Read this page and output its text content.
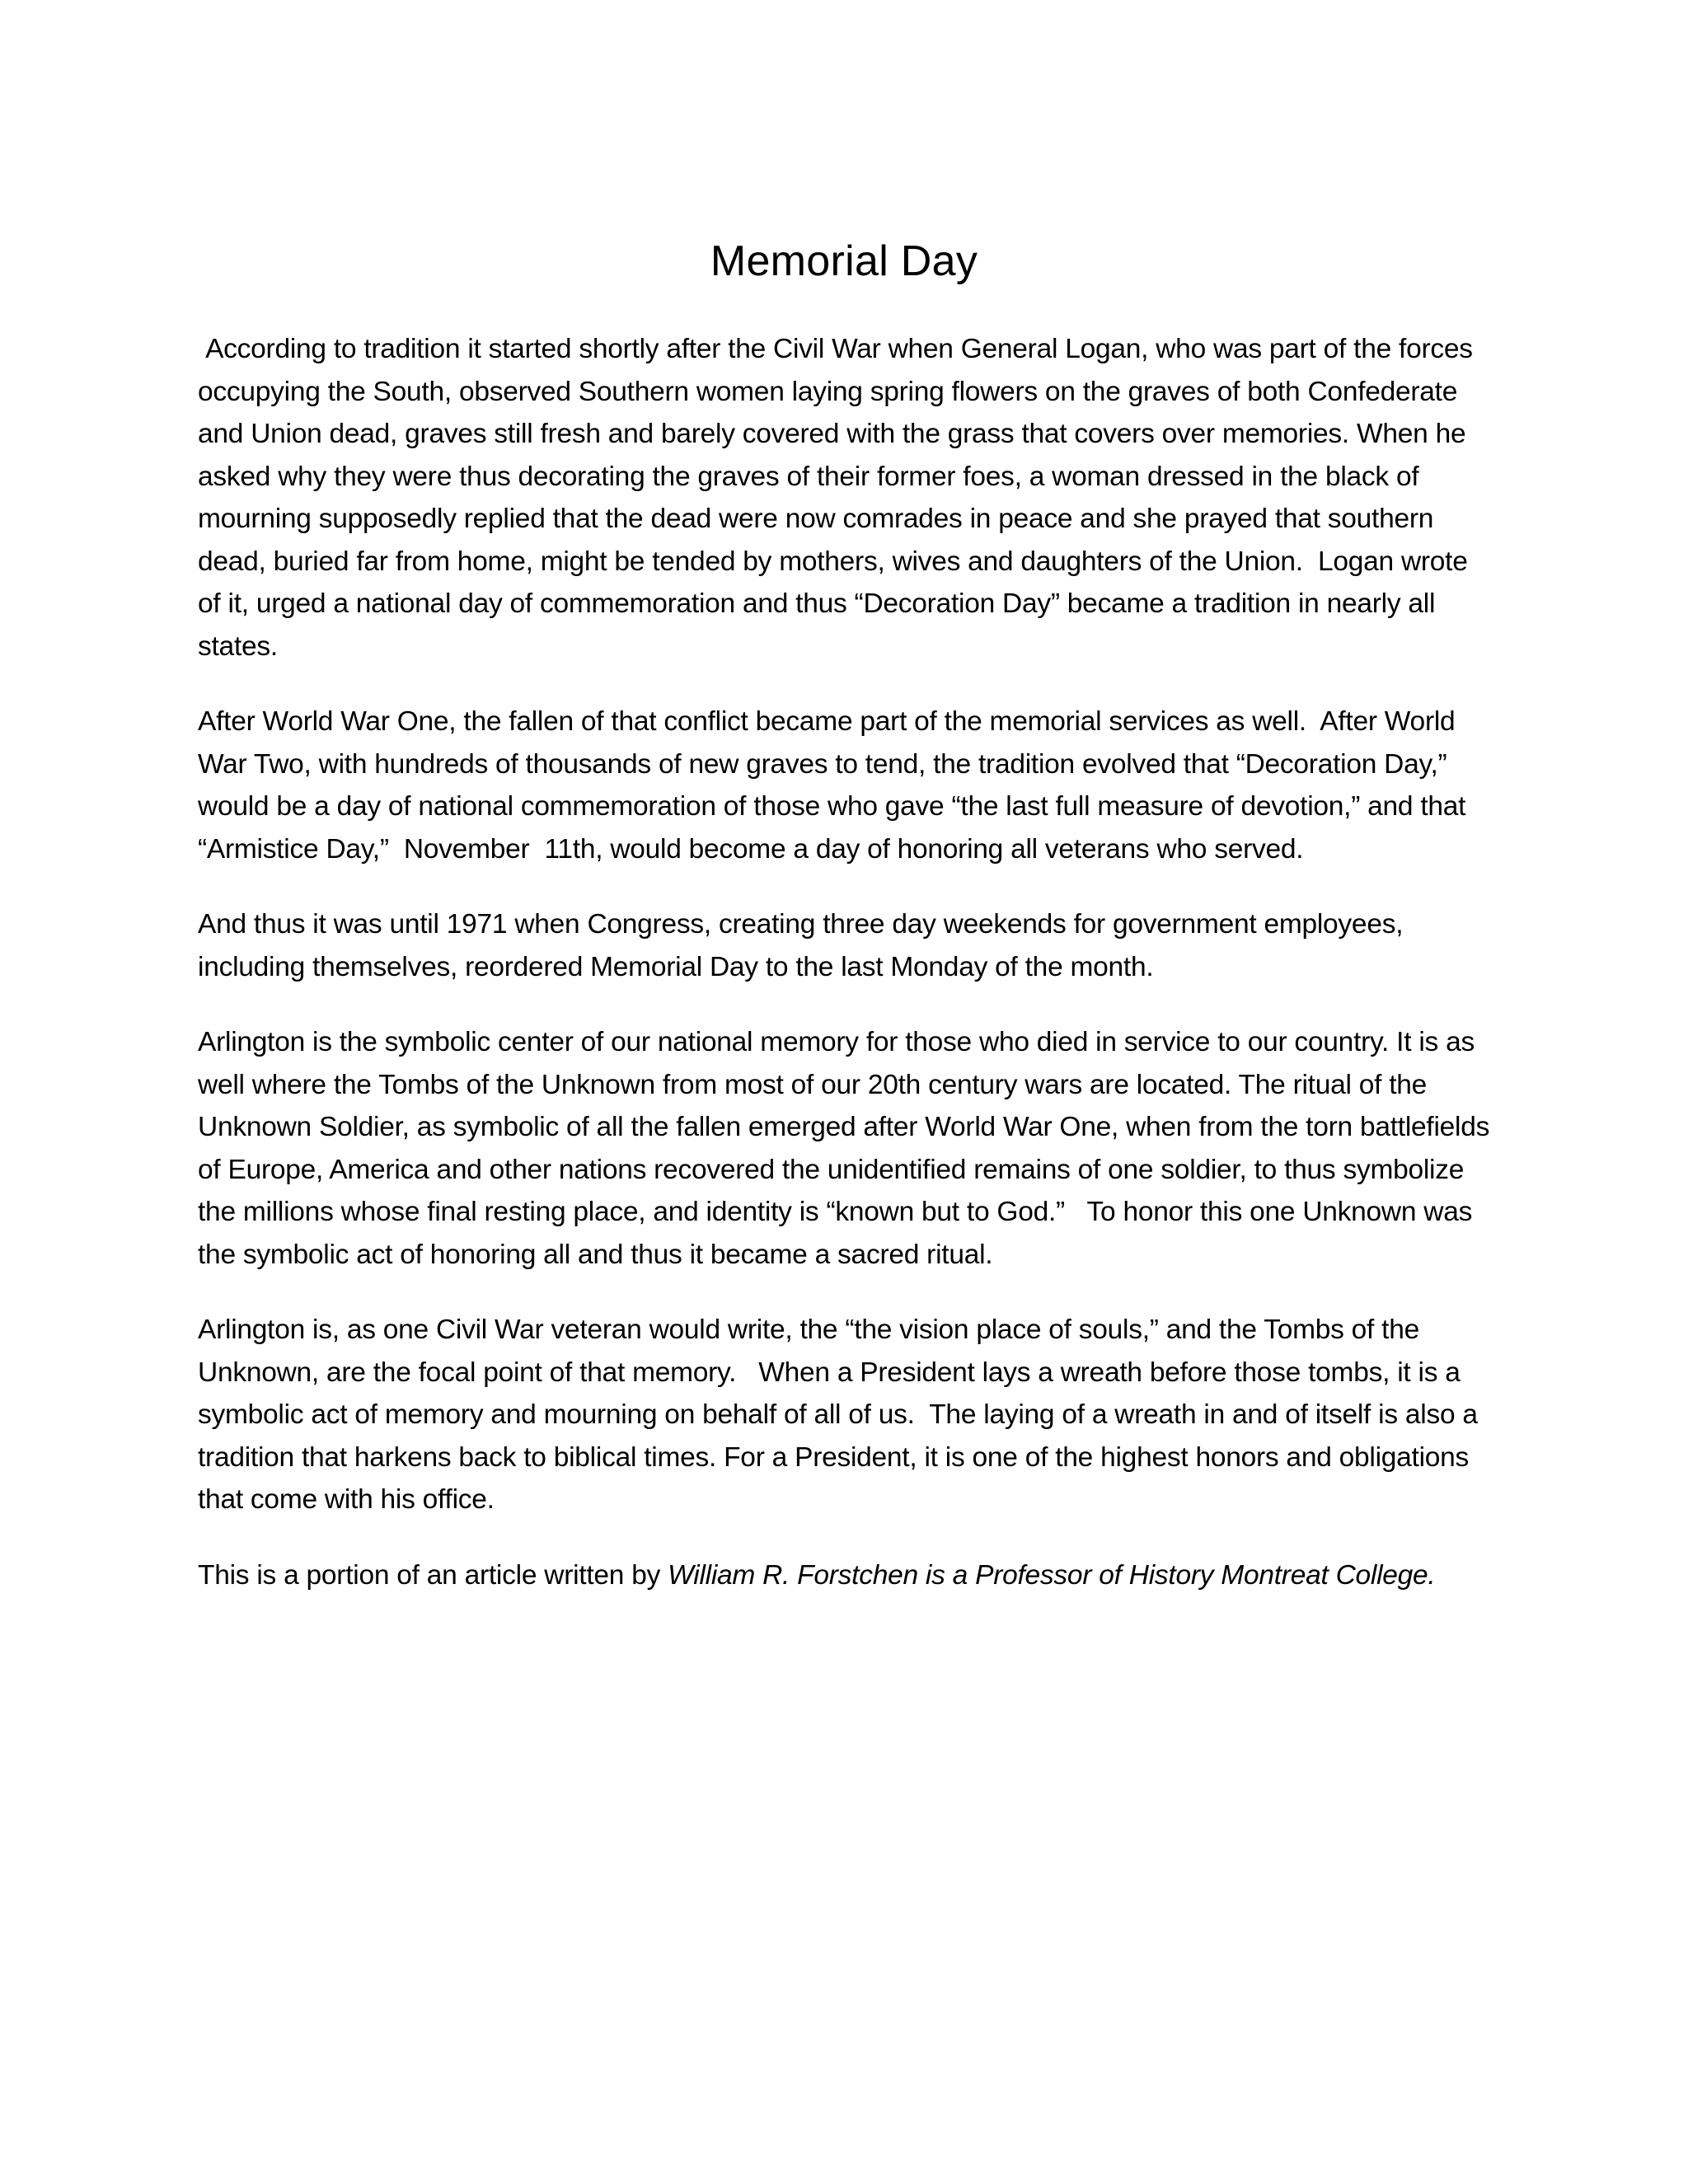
Memorial Day

According to tradition it started shortly after the Civil War when General Logan, who was part of the forces occupying the South, observed Southern women laying spring flowers on the graves of both Confederate and Union dead, graves still fresh and barely covered with the grass that covers over memories. When he asked why they were thus decorating the graves of their former foes, a woman dressed in the black of mourning supposedly replied that the dead were now comrades in peace and she prayed that southern dead, buried far from home, might be tended by mothers, wives and daughters of the Union.  Logan wrote of it, urged a national day of commemoration and thus “Decoration Day” became a tradition in nearly all states.

After World War One, the fallen of that conflict became part of the memorial services as well.  After World War Two, with hundreds of thousands of new graves to tend, the tradition evolved that “Decoration Day,” would be a day of national commemoration of those who gave “the last full measure of devotion,” and that “Armistice Day,”  November  11th, would become a day of honoring all veterans who served.

And thus it was until 1971 when Congress, creating three day weekends for government employees, including themselves, reordered Memorial Day to the last Monday of the month.

Arlington is the symbolic center of our national memory for those who died in service to our country. It is as well where the Tombs of the Unknown from most of our 20th century wars are located. The ritual of the Unknown Soldier, as symbolic of all the fallen emerged after World War One, when from the torn battlefields of Europe, America and other nations recovered the unidentified remains of one soldier, to thus symbolize the millions whose final resting place, and identity is “known but to God.”   To honor this one Unknown was the symbolic act of honoring all and thus it became a sacred ritual.

Arlington is, as one Civil War veteran would write, the “the vision place of souls,” and the Tombs of the Unknown, are the focal point of that memory.   When a President lays a wreath before those tombs, it is a symbolic act of memory and mourning on behalf of all of us.  The laying of a wreath in and of itself is also a tradition that harkens back to biblical times. For a President, it is one of the highest honors and obligations that come with his office.

This is a portion of an article written by William R. Forstchen is a Professor of History Montreat College.
